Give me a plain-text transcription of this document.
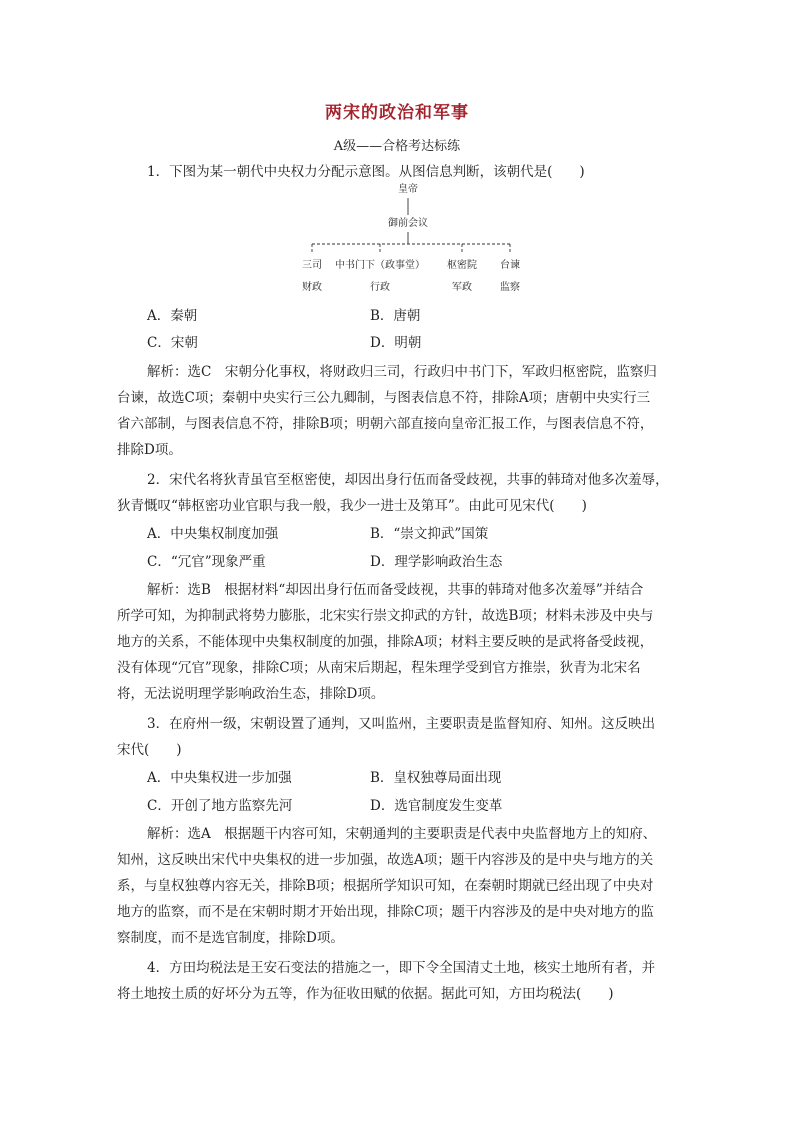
两宋的政治和军事
A级——合格考达标练
1．下图为某一朝代中央权力分配示意图。从图信息判断，该朝代是(　　)
皇帝
御前会议
三司 中书门下（政事堂） 枢密院 台谏
财政	行政	军政	监察
A．秦朝	B．唐朝
C．宋朝	D．明朝
解析：选C　宋朝分化事权，将财政归三司，行政归中书门下，军政归枢密院，监察归
台谏，故选C项；秦朝中央实行三公九卿制，与图表信息不符，排除A项；唐朝中央实行三
省六部制，与图表信息不符，排除B项；明朝六部直接向皇帝汇报工作，与图表信息不符，
排除D项。
2．宋代名将狄青虽官至枢密使，却因出身行伍而备受歧视，共事的韩琦对他多次羞辱，
狄青慨叹“韩枢密功业官职与我一般，我少一进士及第耳”。由此可见宋代(　　)
A．中央集权制度加强	B．“崇文抑武”国策
C．“冗官”现象严重	D．理学影响政治生态
解析：选B　根据材料“却因出身行伍而备受歧视，共事的韩琦对他多次羞辱”并结合
所学可知，为抑制武将势力膨胀，北宋实行崇文抑武的方针，故选B项；材料未涉及中央与
地方的关系，不能体现中央集权制度的加强，排除A项；材料主要反映的是武将备受歧视，
没有体现“冗官”现象，排除C项；从南宋后期起，程朱理学受到官方推崇，狄青为北宋名
将，无法说明理学影响政治生态，排除D项。
3．在府州一级，宋朝设置了通判，又叫监州，主要职责是监督知府、知州。这反映出
宋代(　　)
A．中央集权进一步加强	B．皇权独尊局面出现
C．开创了地方监察先河	D．选官制度发生变革
解析：选A　根据题干内容可知，宋朝通判的主要职责是代表中央监督地方上的知府、
知州，这反映出宋代中央集权的进一步加强，故选A项；题干内容涉及的是中央与地方的关
系，与皇权独尊内容无关，排除B项；根据所学知识可知，在秦朝时期就已经出现了中央对
地方的监察，而不是在宋朝时期才开始出现，排除C项；题干内容涉及的是中央对地方的监
察制度，而不是选官制度，排除D项。
4．方田均税法是王安石变法的措施之一，即下令全国清丈土地，核实土地所有者，并
将土地按土质的好坏分为五等，作为征收田赋的依据。据此可知，方田均税法(　　)
